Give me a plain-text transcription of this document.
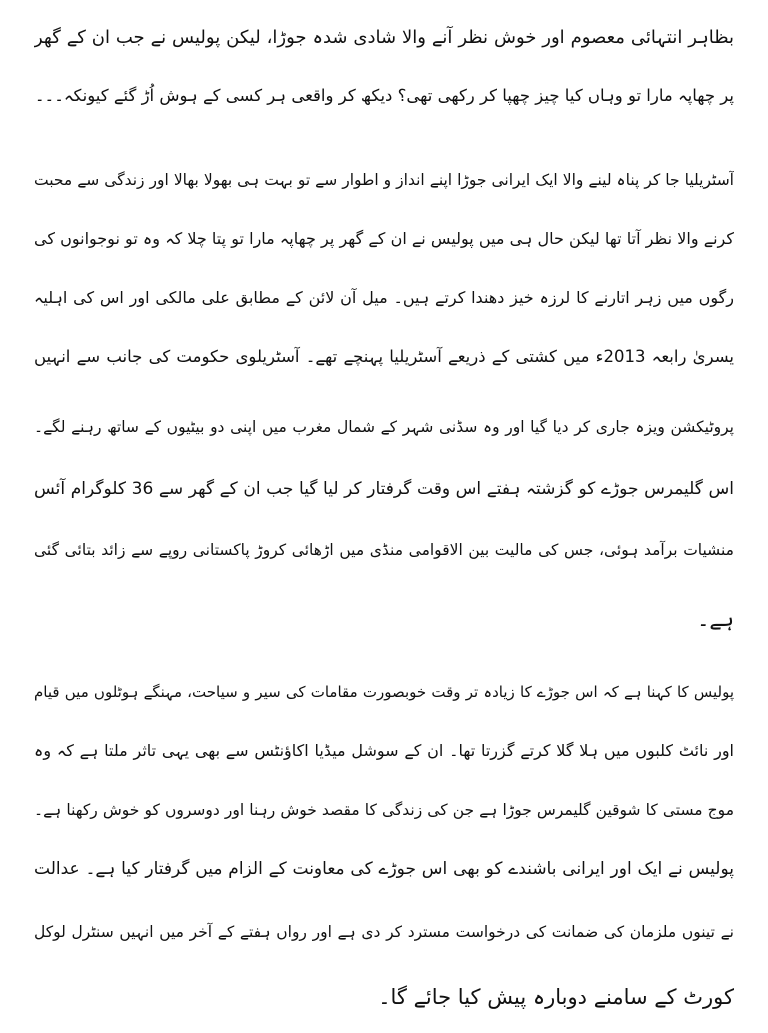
بظاہر انتہائی معصوم اور خوش نظر آنے والا شادی شدہ جوڑا، لیکن پولیس نے جب ان کے گھر
پر چھاپہ مارا تو وہاں کیا چیز چھپا کر رکھی تھی؟ دیکھ کر واقعی ہر کسی کے ہوش اُڑ گئے کیونکہ۔۔۔
آسٹریلیا جا کر پناہ لینے والا ایک ایرانی جوڑا اپنے انداز و اطوار سے تو بہت ہی بھولا بھالا اور زندگی سے محبت
کرنے والا نظر آتا تھا لیکن حال ہی میں پولیس نے ان کے گھر پر چھاپہ مارا تو پتا چلا کہ وہ تو نوجوانوں کی
رگوں میں زہر اتارنے کا لرزہ خیز دھندا کرتے ہیں۔ میل آن لائن کے مطابق علی مالکی اور اس کی اہلیہ
یسریٰ رابعہ 2013ء میں کشتی کے ذریعے آسٹریلیا پہنچے تھے۔ آسٹریلوی حکومت کی جانب سے انہیں
پروٹیکشن ویزہ جاری کر دیا گیا اور وہ سڈنی شہر کے شمال مغرب میں اپنی دو بیٹیوں کے ساتھ رہنے لگے۔
اس گلیمرس جوڑے کو گزشتہ ہفتے اس وقت گرفتار کر لیا گیا جب ان کے گھر سے 36 کلوگرام آئس
منشیات برآمد ہوئی، جس کی مالیت بین الاقوامی منڈی میں اڑھائی کروڑ پاکستانی روپے سے زائد بتائی گئی
ہے۔
پولیس کا کہنا ہے کہ اس جوڑے کا زیادہ تر وقت خوبصورت مقامات کی سیر و سیاحت، مہنگے ہوٹلوں میں قیام
اور نائٹ کلبوں میں ہلا گلا کرتے گزرتا تھا۔ ان کے سوشل میڈیا اکاؤنٹس سے بھی یہی تاثر ملتا ہے کہ وہ
موج مستی کا شوقین گلیمرس جوڑا ہے جن کی زندگی کا مقصد خوش رہنا اور دوسروں کو خوش رکھنا ہے۔
پولیس نے ایک اور ایرانی باشندے کو بھی اس جوڑے کی معاونت کے الزام میں گرفتار کیا ہے۔ عدالت
نے تینوں ملزمان کی ضمانت کی درخواست مسترد کر دی ہے اور رواں ہفتے کے آخر میں انہیں سنٹرل لوکل
کورٹ کے سامنے دوبارہ پیش کیا جائے گا۔
